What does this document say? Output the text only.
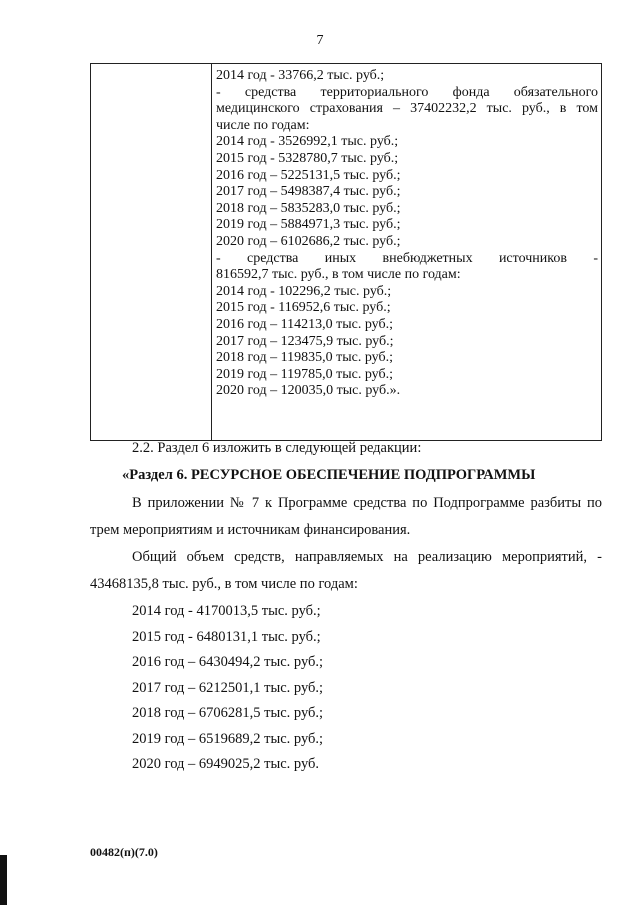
7
2014 год - 33766,2 тыс. руб.;
- средства территориального фонда обязательного
медицинского страхования – 37402232,2 тыс. руб., в том
числе по годам:
2014 год - 3526992,1 тыс. руб.;
2015 год - 5328780,7 тыс. руб.;
2016 год – 5225131,5 тыс. руб.;
2017 год – 5498387,4 тыс. руб.;
2018 год – 5835283,0 тыс. руб.;
2019 год – 5884971,3 тыс. руб.;
2020 год – 6102686,2 тыс. руб.;
- средства иных внебюджетных источников -
816592,7 тыс. руб., в том числе по годам:
2014 год - 102296,2 тыс. руб.;
2015 год - 116952,6 тыс. руб.;
2016 год – 114213,0 тыс. руб.;
2017 год – 123475,9 тыс. руб.;
2018 год – 119835,0 тыс. руб.;
2019 год – 119785,0 тыс. руб.;
2020 год – 120035,0 тыс. руб.».
2.2. Раздел 6 изложить в следующей редакции:
«Раздел 6. РЕСУРСНОЕ ОБЕСПЕЧЕНИЕ ПОДПРОГРАММЫ
В приложении № 7 к Программе средства по Подпрограмме разбиты по
трем мероприятиям и источникам финансирования.
Общий объем средств, направляемых на реализацию мероприятий, -
43468135,8 тыс. руб., в том числе по годам:
2014 год - 4170013,5 тыс. руб.;
2015 год - 6480131,1 тыс. руб.;
2016 год – 6430494,2 тыс. руб.;
2017 год – 6212501,1 тыс. руб.;
2018 год – 6706281,5 тыс. руб.;
2019 год – 6519689,2 тыс. руб.;
2020 год – 6949025,2 тыс. руб.
00482(п)(7.0)
